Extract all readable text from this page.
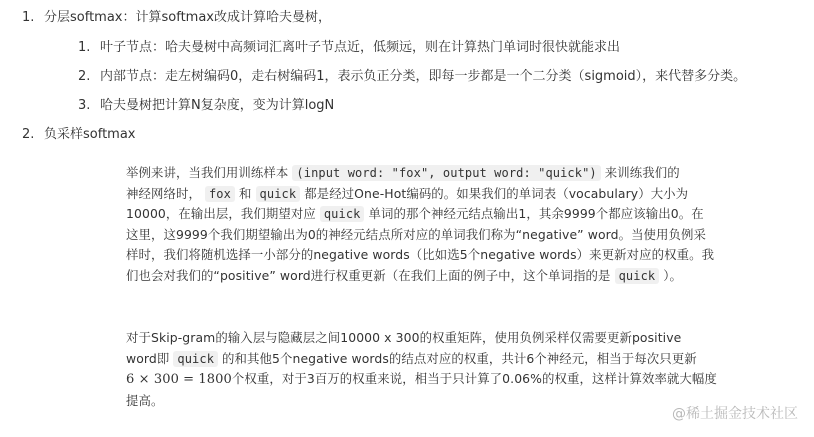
1. 分层softmax：计算softmax改成计算哈夫曼树，
1. 叶子节点：哈夫曼树中高频词汇离叶子节点近，低频远，则在计算热门单词时很快就能求出
2. 内部节点：走左树编码0，走右树编码1，表示负正分类，即每一步都是一个二分类（sigmoid），来代替多分类。
3. 哈夫曼树把计算N复杂度，变为计算logN
2. 负采样softmax
举例来讲，当我们用训练样本 (input word: "fox", output word: "quick") 来训练我们的
神经网络时， fox 和 quick 都是经过One-Hot编码的。如果我们的单词表（vocabulary）大小为
10000，在输出层，我们期望对应 quick 单词的那个神经元结点输出1，其余9999个都应该输出0。在
这里，这9999个我们期望输出为0的神经元结点所对应的单词我们称为“negative” word。当使用负例采
样时，我们将随机选择一小部分的negative words（比如选5个negative words）来更新对应的权重。我
们也会对我们的“positive” word进行权重更新（在我们上面的例子中，这个单词指的是 quick ）。
对于Skip-gram的输入层与隐藏层之间10000 x 300的权重矩阵，使用负例采样仅需要更新positive
word即 quick 的和其他5个negative words的结点对应的权重，共计6个神经元，相当于每次只更新
6 × 300 = 1800个权重，对于3百万的权重来说，相当于只计算了0.06%的权重，这样计算效率就大幅度
提高。
@稀土掘金技术社区
